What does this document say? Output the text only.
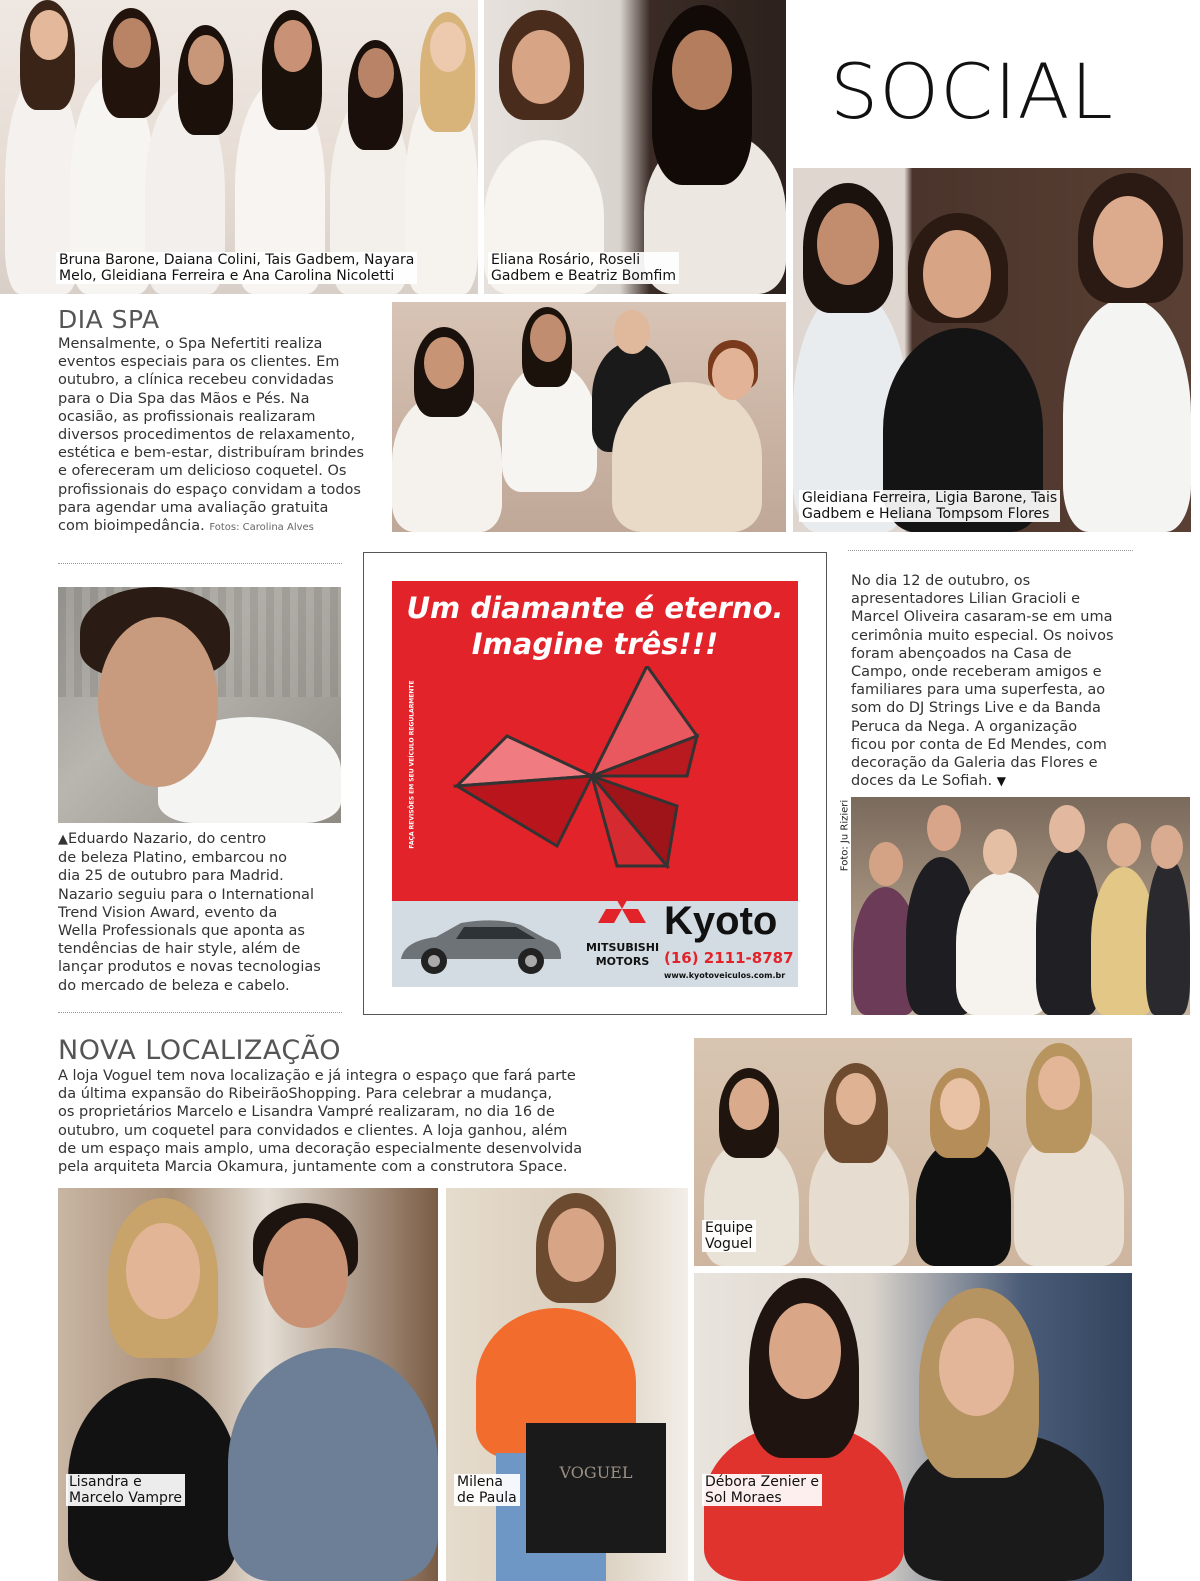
SOCIAL
Bruna Barone, Daiana Colini, Tais Gadbem, Nayara
Melo, Gleidiana Ferreira e Ana Carolina Nicoletti
Eliana Rosário, Roseli
Gadbem e Beatriz Bomfim
Gleidiana Ferreira, Ligia Barone, Tais
Gadbem e Heliana Tompsom Flores
DIA SPA

Mensalmente, o Spa Nefertiti realiza

eventos especiais para os clientes. Em

outubro, a clínica recebeu convidadas

para o Dia Spa das Mãos e Pés. Na

ocasião, as profissionais realizaram

diversos procedimentos de relaxamento,

estética e bem-estar, distribuíram brindes

e ofereceram um delicioso coquetel. Os

profissionais do espaço convidam a todos

para agendar uma avaliação gratuita

com bioimpedância. Fotos: Carolina Alves

▲Eduardo Nazario, do centro

de beleza Platino, embarcou no

dia 25 de outubro para Madrid.

Nazario seguiu para o International

Trend Vision Award, evento da

Wella Professionals que aponta as

tendências de hair style, além de

lançar produtos e novas tecnologias

do mercado de beleza e cabelo.

Um diamante é eterno.
Imagine três!!!
FAÇA REVISÕES EM SEU VEÍCULO REGULARMENTE
MITSUBISHI
MOTORS
Kyoto
(16) 2111-8787
www.kyotoveiculos.com.br

No dia 12 de outubro, os

apresentadores Lilian Gracioli e

Marcel Oliveira casaram-se em uma

cerimônia muito especial. Os noivos

foram abençoados na Casa de

Campo, onde receberam amigos e

familiares para uma superfesta, ao

som do DJ Strings Live e da Banda

Peruca da Nega. A organização

ficou por conta de Ed Mendes, com

decoração da Galeria das Flores e

doces da Le Sofiah. ▼

Foto: Ju Rizieri
NOVA LOCALIZAÇÃO

A loja Voguel tem nova localização e já integra o espaço que fará parte

da última expansão do RibeirãoShopping. Para celebrar a mudança,

os proprietários Marcelo e Lisandra Vampré realizaram, no dia 16 de

outubro, um coquetel para convidados e clientes. A loja ganhou, além

de um espaço mais amplo, uma decoração especialmente desenvolvida

pela arquiteta Marcia Okamura, juntamente com a construtora Space.

Equipe
Voguel
Lisandra e
Marcelo Vampre
VOGUEL
Milena
de Paula
Débora Zenier e
Sol Moraes
